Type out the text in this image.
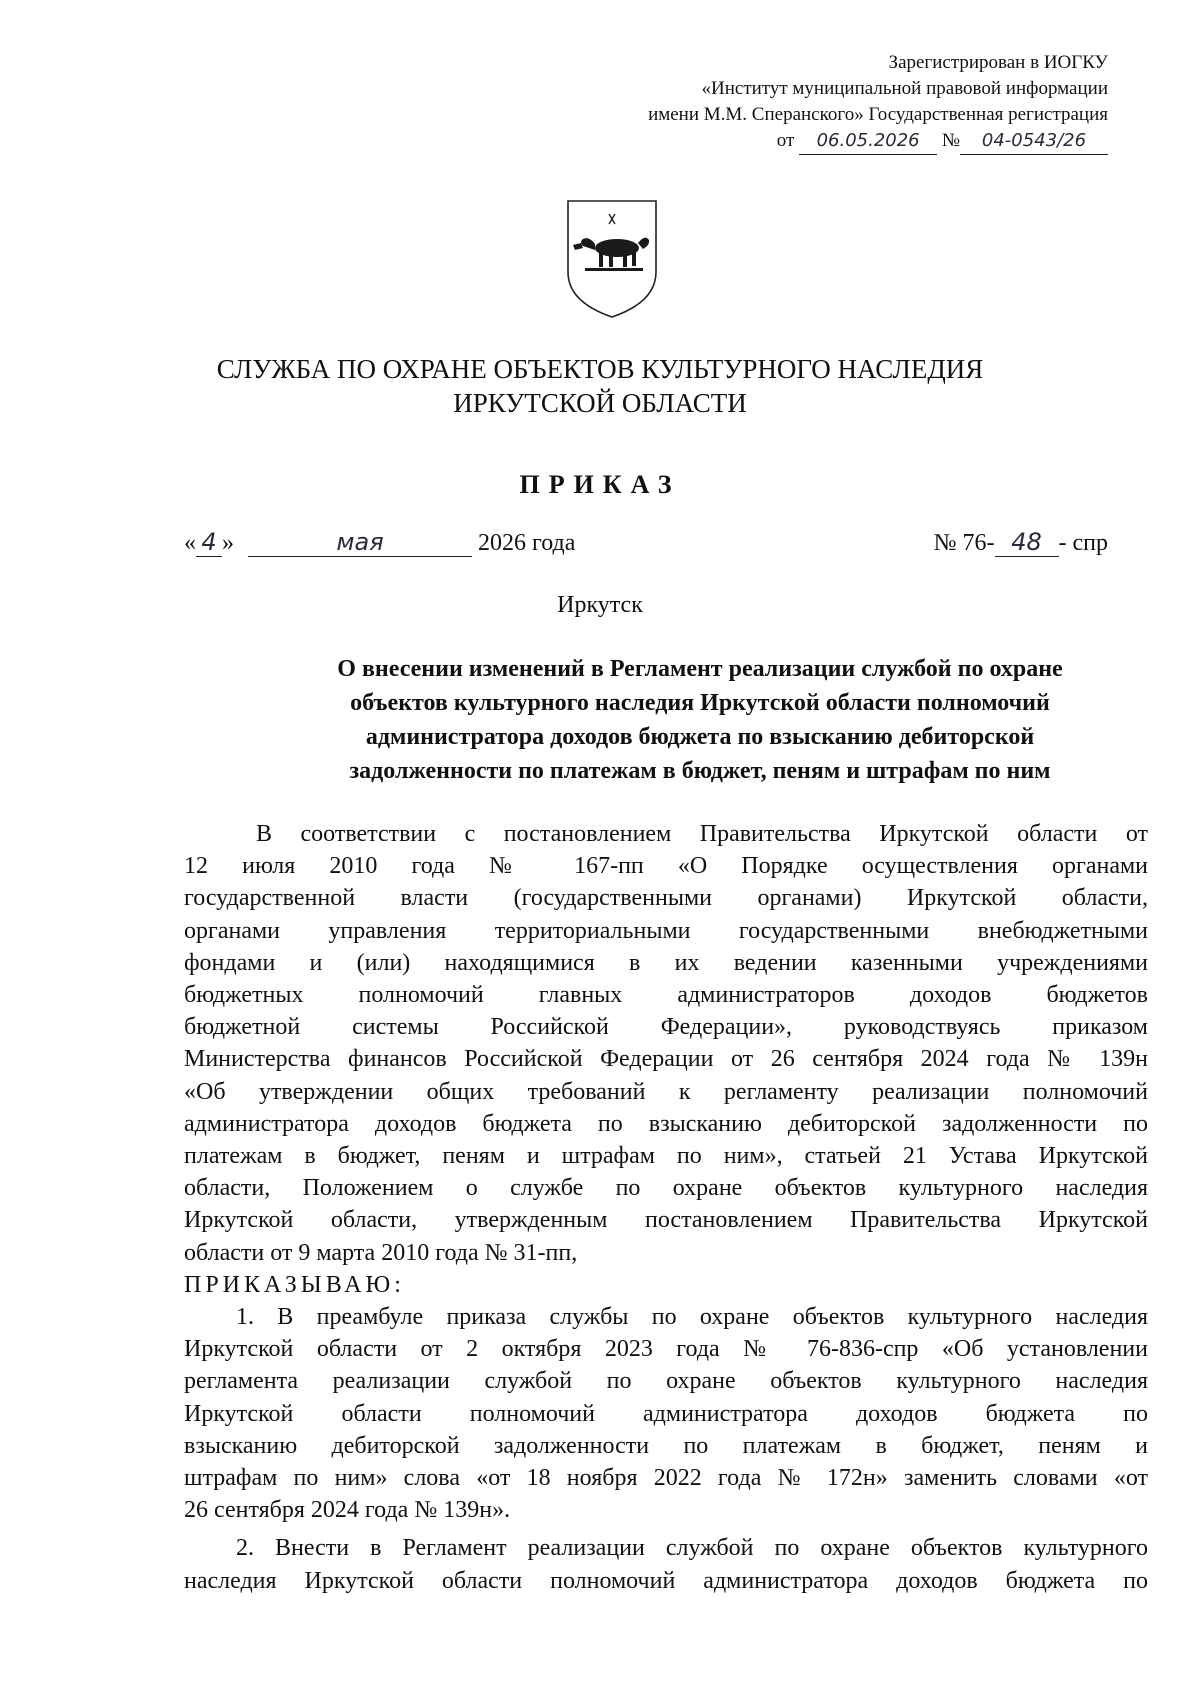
Зарегистрирован в ИОГКУ
«Институт муниципальной правовой информации
имени М.М. Сперанского» Государственная регистрация
от 06.05.2026 № 04-0543/26
СЛУЖБА ПО ОХРАНЕ ОБЪЕКТОВ КУЛЬТУРНОГО НАСЛЕДИЯ
ИРКУТСКОЙ ОБЛАСТИ
ПРИКАЗ
« 4 »	мая	2026 года	№ 76- 48 - спр
Иркутск
О внесении изменений в Регламент реализации службой по охране
объектов культурного наследия Иркутской области полномочий
администратора доходов бюджета по взысканию дебиторской
задолженности по платежам в бюджет, пеням и штрафам по ним
В соответствии с постановлением Правительства Иркутской области от
12 июля 2010 года № 167-пп «О Порядке осуществления органами
государственной власти (государственными органами) Иркутской области,
органами управления территориальными государственными внебюджетными
фондами и (или) находящимися в их ведении казенными учреждениями
бюджетных полномочий главных администраторов доходов бюджетов
бюджетной системы Российской Федерации», руководствуясь приказом
Министерства финансов Российской Федерации от 26 сентября 2024 года № 139н
«Об утверждении общих требований к регламенту реализации полномочий
администратора доходов бюджета по взысканию дебиторской задолженности по
платежам в бюджет, пеням и штрафам по ним», статьей 21 Устава Иркутской
области, Положением о службе по охране объектов культурного наследия
Иркутской области, утвержденным постановлением Правительства Иркутской
области от 9 марта 2010 года № 31-пп,
ПРИКАЗЫВАЮ:
1. В преамбуле приказа службы по охране объектов культурного наследия
Иркутской области от 2 октября 2023 года № 76-836-спр «Об установлении
регламента реализации службой по охране объектов культурного наследия
Иркутской области полномочий администратора доходов бюджета по
взысканию дебиторской задолженности по платежам в бюджет, пеням и
штрафам по ним» слова «от 18 ноября 2022 года № 172н» заменить словами «от
26 сентября 2024 года № 139н».
2. Внести в Регламент реализации службой по охране объектов культурного
наследия Иркутской области полномочий администратора доходов бюджета по
